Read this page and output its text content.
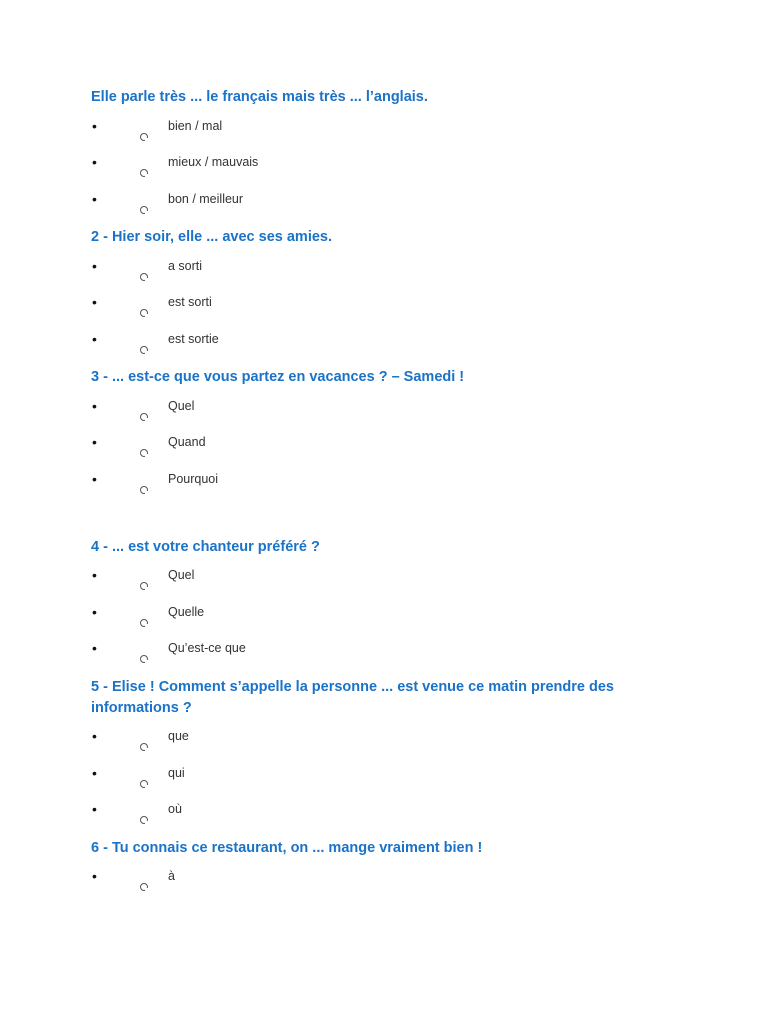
Elle parle très ... le français mais très ... l’anglais.
•	bien / mal
•	mieux / mauvais
•	bon / meilleur
2 - Hier soir, elle ... avec ses amies.
•	a sorti
•	est sorti
•	est sortie
3 - ... est-ce que vous partez en vacances ? – Samedi !
•	Quel
•	Quand
•	Pourquoi
4 - ... est votre chanteur préféré ?
•	Quel
•	Quelle
•	Qu’est-ce que
5 - Elise ! Comment s’appelle la personne ... est venue ce matin prendre des informations ?
•	que
•	qui
•	où
6 - Tu connais ce restaurant, on ... mange vraiment bien !
•	à
